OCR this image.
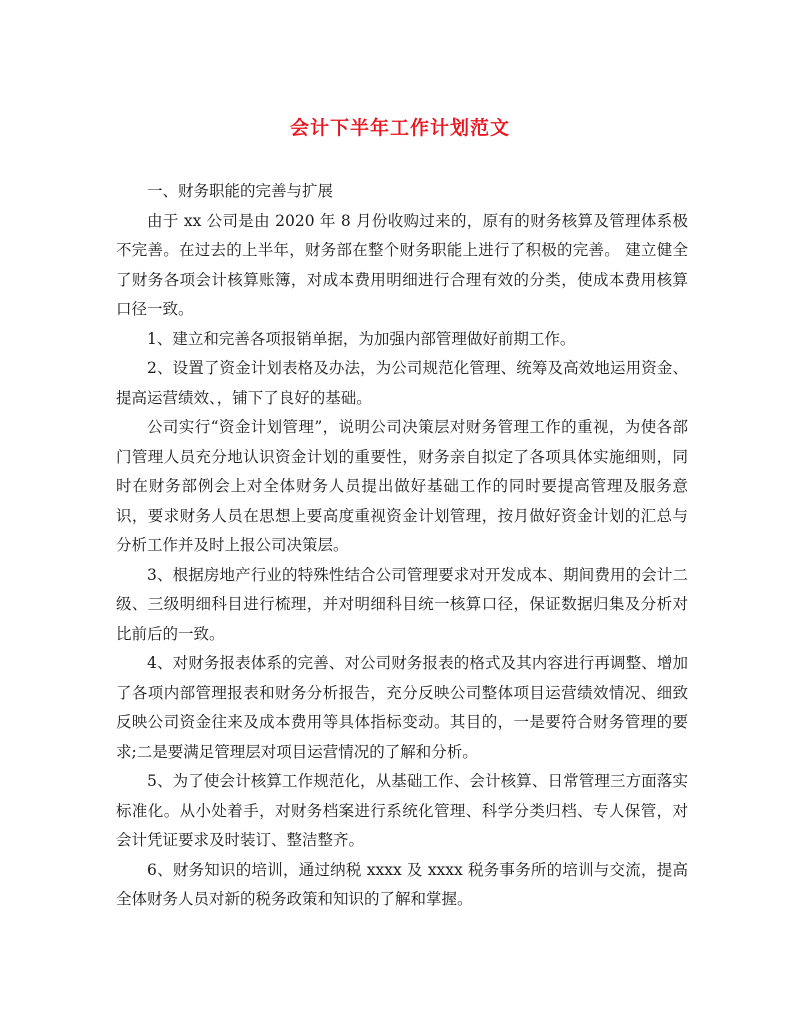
会计下半年工作计划范文

一、财务职能的完善与扩展

由于 xx 公司是由 2020 年 8 月份收购过来的，原有的财务核算及管理体系极不完善。在过去的上半年，财务部在整个财务职能上进行了积极的完善。 建立健全了财务各项会计核算账簿，对成本费用明细进行合理有效的分类，使成本费用核算口径一致。

1、建立和完善各项报销单据，为加强内部管理做好前期工作。

2、设置了资金计划表格及办法，为公司规范化管理、统筹及高效地运用资金、提高运营绩效、，铺下了良好的基础。

公司实行“资金计划管理”，说明公司决策层对财务管理工作的重视，为使各部门管理人员充分地认识资金计划的重要性，财务亲自拟定了各项具体实施细则，同时在财务部例会上对全体财务人员提出做好基础工作的同时要提高管理及服务意识，要求财务人员在思想上要高度重视资金计划管理，按月做好资金计划的汇总与分析工作并及时上报公司决策层。

3、根据房地产行业的特殊性结合公司管理要求对开发成本、期间费用的会计二级、三级明细科目进行梳理，并对明细科目统一核算口径，保证数据归集及分析对比前后的一致。

4、对财务报表体系的完善、对公司财务报表的格式及其内容进行再调整、增加了各项内部管理报表和财务分析报告，充分反映公司整体项目运营绩效情况、细致反映公司资金往来及成本费用等具体指标变动。其目的，一是要符合财务管理的要求;二是要满足管理层对项目运营情况的了解和分析。

5、为了使会计核算工作规范化，从基础工作、会计核算、日常管理三方面落实标准化。从小处着手，对财务档案进行系统化管理、科学分类归档、专人保管，对会计凭证要求及时装订、整洁整齐。

6、财务知识的培训，通过纳税 xxxx 及 xxxx 税务事务所的培训与交流，提高全体财务人员对新的税务政策和知识的了解和掌握。
